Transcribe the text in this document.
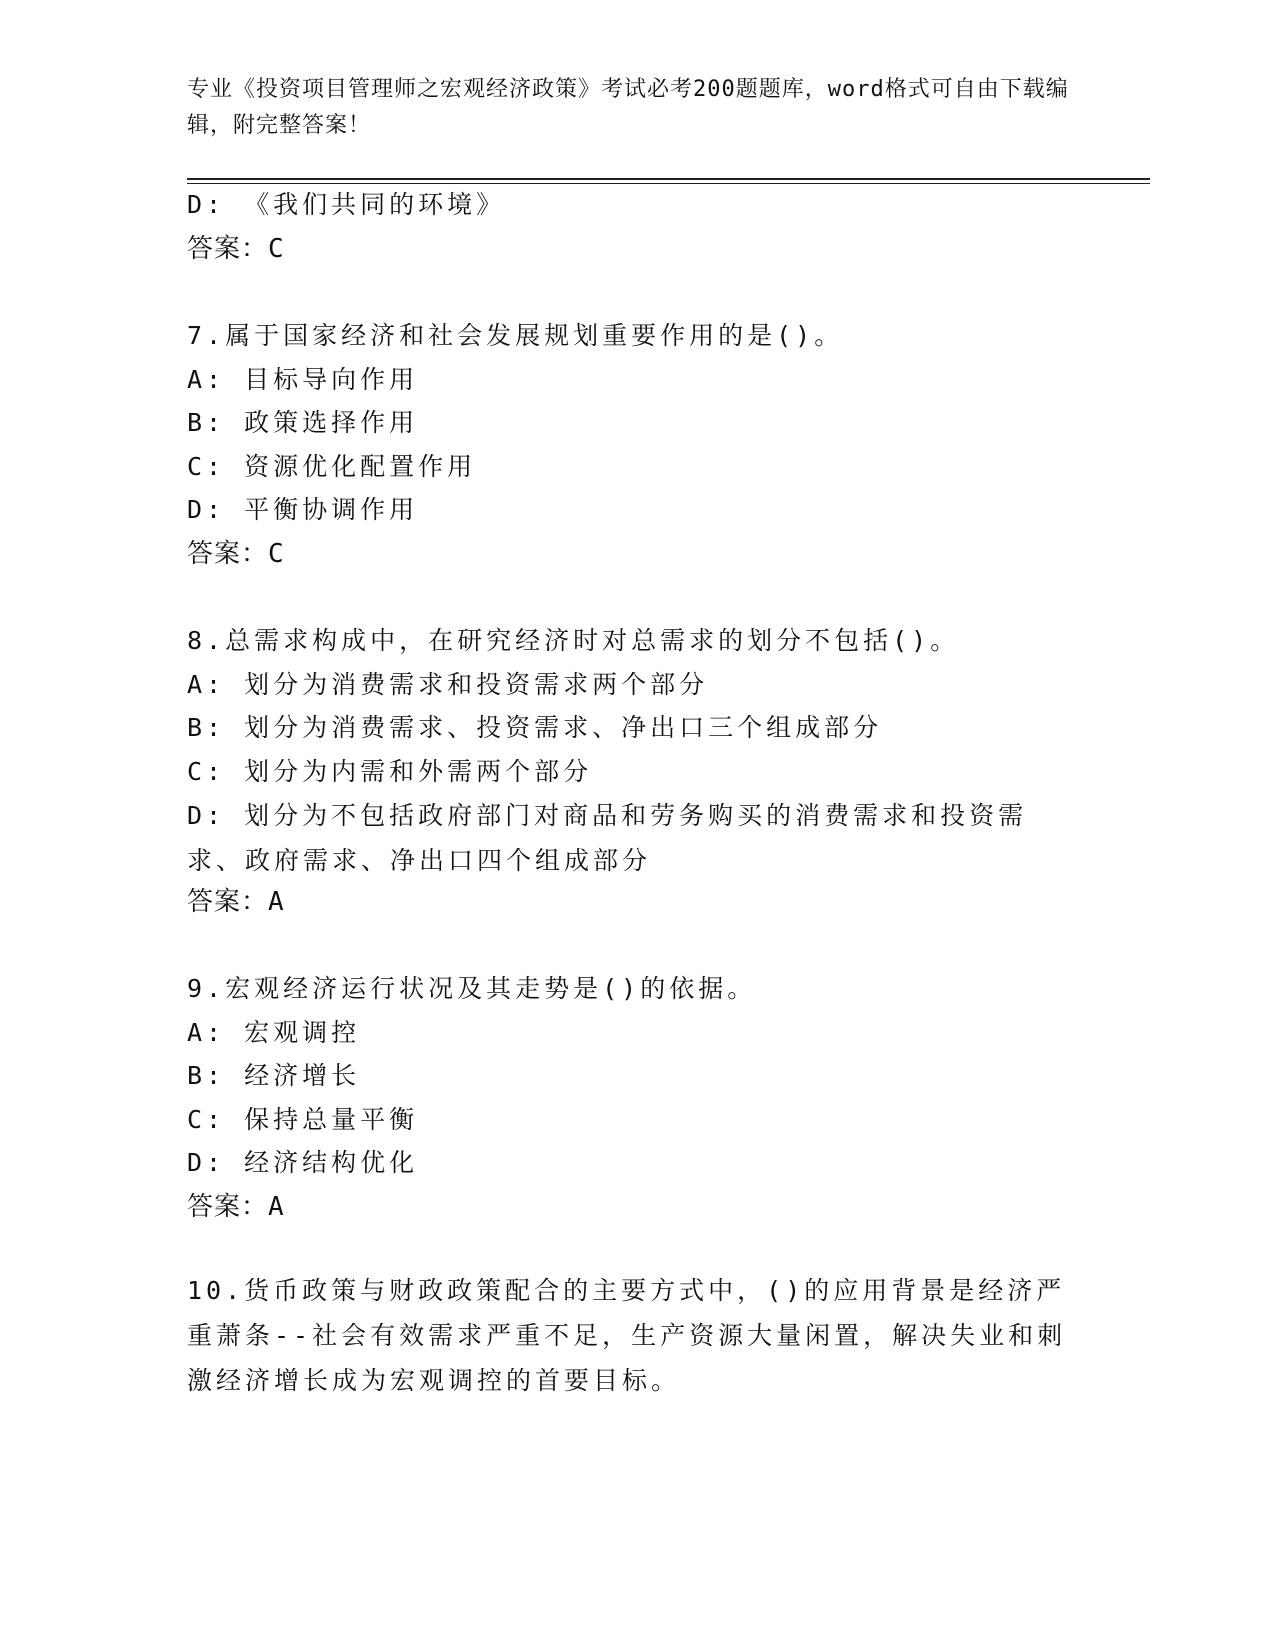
专业《投资项目管理师之宏观经济政策》考试必考200题题库，word格式可自由下载编辑，附完整答案！
D: 《我们共同的环境》
答案：C
7.属于国家经济和社会发展规划重要作用的是()。
A: 目标导向作用
B: 政策选择作用
C: 资源优化配置作用
D: 平衡协调作用
答案：C
8.总需求构成中，在研究经济时对总需求的划分不包括()。
A: 划分为消费需求和投资需求两个部分
B: 划分为消费需求、投资需求、净出口三个组成部分
C: 划分为内需和外需两个部分
D: 划分为不包括政府部门对商品和劳务购买的消费需求和投资需求、政府需求、净出口四个组成部分
答案：A
9.宏观经济运行状况及其走势是()的依据。
A: 宏观调控
B: 经济增长
C: 保持总量平衡
D: 经济结构优化
答案：A
10.货币政策与财政政策配合的主要方式中，()的应用背景是经济严重萧条--社会有效需求严重不足，生产资源大量闲置，解决失业和刺激经济增长成为宏观调控的首要目标。
